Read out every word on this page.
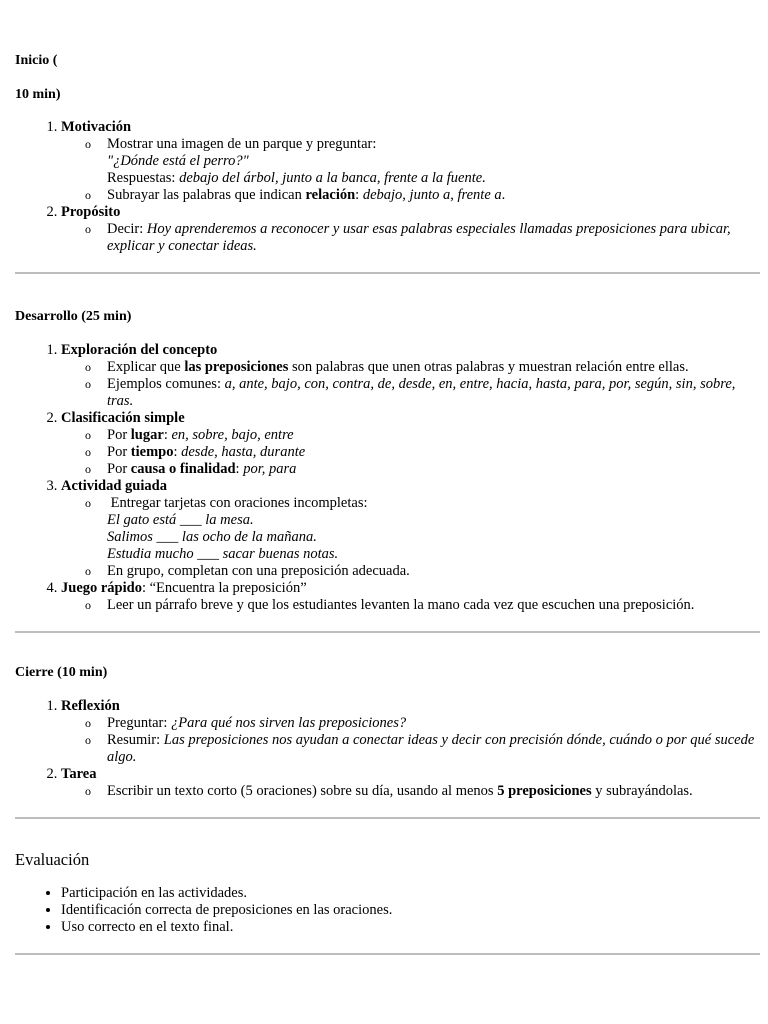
Inicio (

10 min)

1. Motivación
o Mostrar una imagen de un parque y preguntar:
"¿Dónde está el perro?"
Respuestas: debajo del árbol, junto a la banca, frente a la fuente.
o Subrayar las palabras que indican relación: debajo, junto a, frente a.
2. Propósito
o Decir: Hoy aprenderemos a reconocer y usar esas palabras especiales llamadas preposiciones para ubicar, explicar y conectar ideas.

Desarrollo (25 min)

1. Exploración del concepto
o Explicar que las preposiciones son palabras que unen otras palabras y muestran relación entre ellas.
o Ejemplos comunes: a, ante, bajo, con, contra, de, desde, en, entre, hacia, hasta, para, por, según, sin, sobre, tras.
2. Clasificación simple
o Por lugar: en, sobre, bajo, entre
o Por tiempo: desde, hasta, durante
o Por causa o finalidad: por, para
3. Actividad guiada
o Entregar tarjetas con oraciones incompletas:
El gato está ___ la mesa.
Salimos ___ las ocho de la mañana.
Estudia mucho ___ sacar buenas notas.
o En grupo, completan con una preposición adecuada.
4. Juego rápido: “Encuentra la preposición”
o Leer un párrafo breve y que los estudiantes levanten la mano cada vez que escuchen una preposición.

Cierre (10 min)

1. Reflexión
o Preguntar: ¿Para qué nos sirven las preposiciones?
o Resumir: Las preposiciones nos ayudan a conectar ideas y decir con precisión dónde, cuándo o por qué sucede algo.
2. Tarea
o Escribir un texto corto (5 oraciones) sobre su día, usando al menos 5 preposiciones y subrayándolas.

Evaluación

• Participación en las actividades.
• Identificación correcta de preposiciones en las oraciones.
• Uso correcto en el texto final.
